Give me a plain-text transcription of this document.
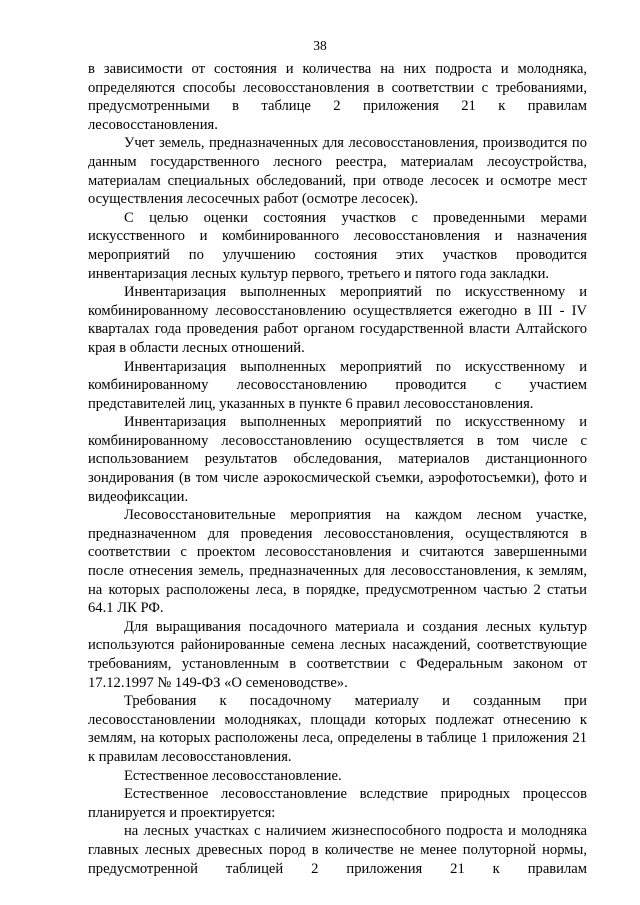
38

в зависимости от состояния и количества на них подроста и молодняка, определяются способы лесовосстановления в соответствии с требованиями, предусмотренными в таблице 2 приложения 21 к правилам лесовосстановления.

Учет земель, предназначенных для лесовосстановления, производится по данным государственного лесного реестра, материалам лесоустройства, материалам специальных обследований, при отводе лесосек и осмотре мест осуществления лесосечных работ (осмотре лесосек).

С целью оценки состояния участков с проведенными мерами искусственного и комбинированного лесовосстановления и назначения мероприятий по улучшению состояния этих участков проводится инвентаризация лесных культур первого, третьего и пятого года закладки.

Инвентаризация выполненных мероприятий по искусственному и комбинированному лесовосстановлению осуществляется ежегодно в III - IV кварталах года проведения работ органом государственной власти Алтайского края в области лесных отношений.

Инвентаризация выполненных мероприятий по искусственному и комбинированному лесовосстановлению проводится с участием представителей лиц, указанных в пункте 6 правил лесовосстановления.

Инвентаризация выполненных мероприятий по искусственному и комбинированному лесовосстановлению осуществляется в том числе с использованием результатов обследования, материалов дистанционного зондирования (в том числе аэрокосмической съемки, аэрофотосъемки), фото и видеофиксации.

Лесовосстановительные мероприятия на каждом лесном участке, предназначенном для проведения лесовосстановления, осуществляются в соответствии с проектом лесовосстановления и считаются завершенными после отнесения земель, предназначенных для лесовосстановления, к землям, на которых расположены леса, в порядке, предусмотренном частью 2 статьи 64.1 ЛК РФ.

Для выращивания посадочного материала и создания лесных культур используются районированные семена лесных насаждений, соответствующие требованиям, установленным в соответствии с Федеральным законом от 17.12.1997 № 149-ФЗ «О семеноводстве».

Требования к посадочному материалу и созданным при лесовосстановлении молодняках, площади которых подлежат отнесению к землям, на которых расположены леса, определены в таблице 1 приложения 21 к правилам лесовосстановления.

Естественное лесовосстановление.

Естественное лесовосстановление вследствие природных процессов планируется и проектируется:

на лесных участках с наличием жизнеспособного подроста и молодняка главных лесных древесных пород в количестве не менее полуторной нормы, предусмотренной таблицей 2 приложения 21 к правилам
